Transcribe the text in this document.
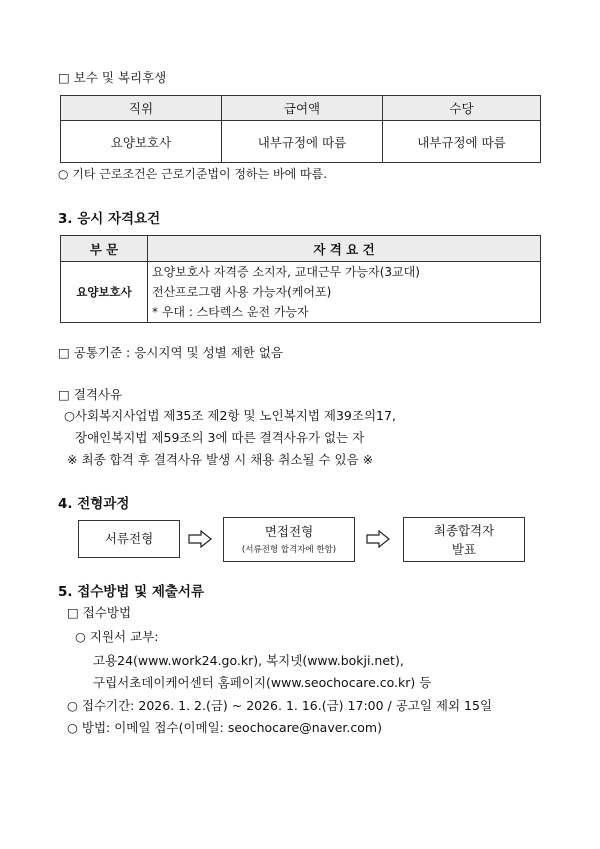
□ 보수 및 복리후생
직위	급여액	수당
요양보호사	내부규정에 따름	내부규정에 따름
○ 기타 근로조건은 근로기준법이 정하는 바에 따름.
3. 응시 자격요건
부 문	자 격 요 건
요양보호사	요양보호사 자격증 소지자, 교대근무 가능자(3교대)
전산프로그램 사용 가능자(케어포)
* 우대 : 스타렉스 운전 가능자
□ 공통기준 : 응시지역 및 성별 제한 없음
□ 결격사유
○사회복지사업법 제35조 제2항 및 노인복지법 제39조의17,
장애인복지법 제59조의 3에 따른 결격사유가 없는 자
※ 최종 합격 후 결격사유 발생 시 채용 취소될 수 있음 ※
4. 전형과정
서류전형	면접전형
(서류전형 합격자에 한함)
최종합격자
발표
5. 접수방법 및 제출서류
□ 접수방법
○ 지원서 교부:
고용24(www.work24.go.kr), 복지넷(www.bokji.net),
구립서초데이케어센터 홈페이지(www.seochocare.co.kr) 등
○ 접수기간: 2026. 1. 2.(금) ~ 2026. 1. 16.(금) 17:00 / 공고일 제외 15일
○ 방법: 이메일 접수(이메일: seochocare@naver.com)
